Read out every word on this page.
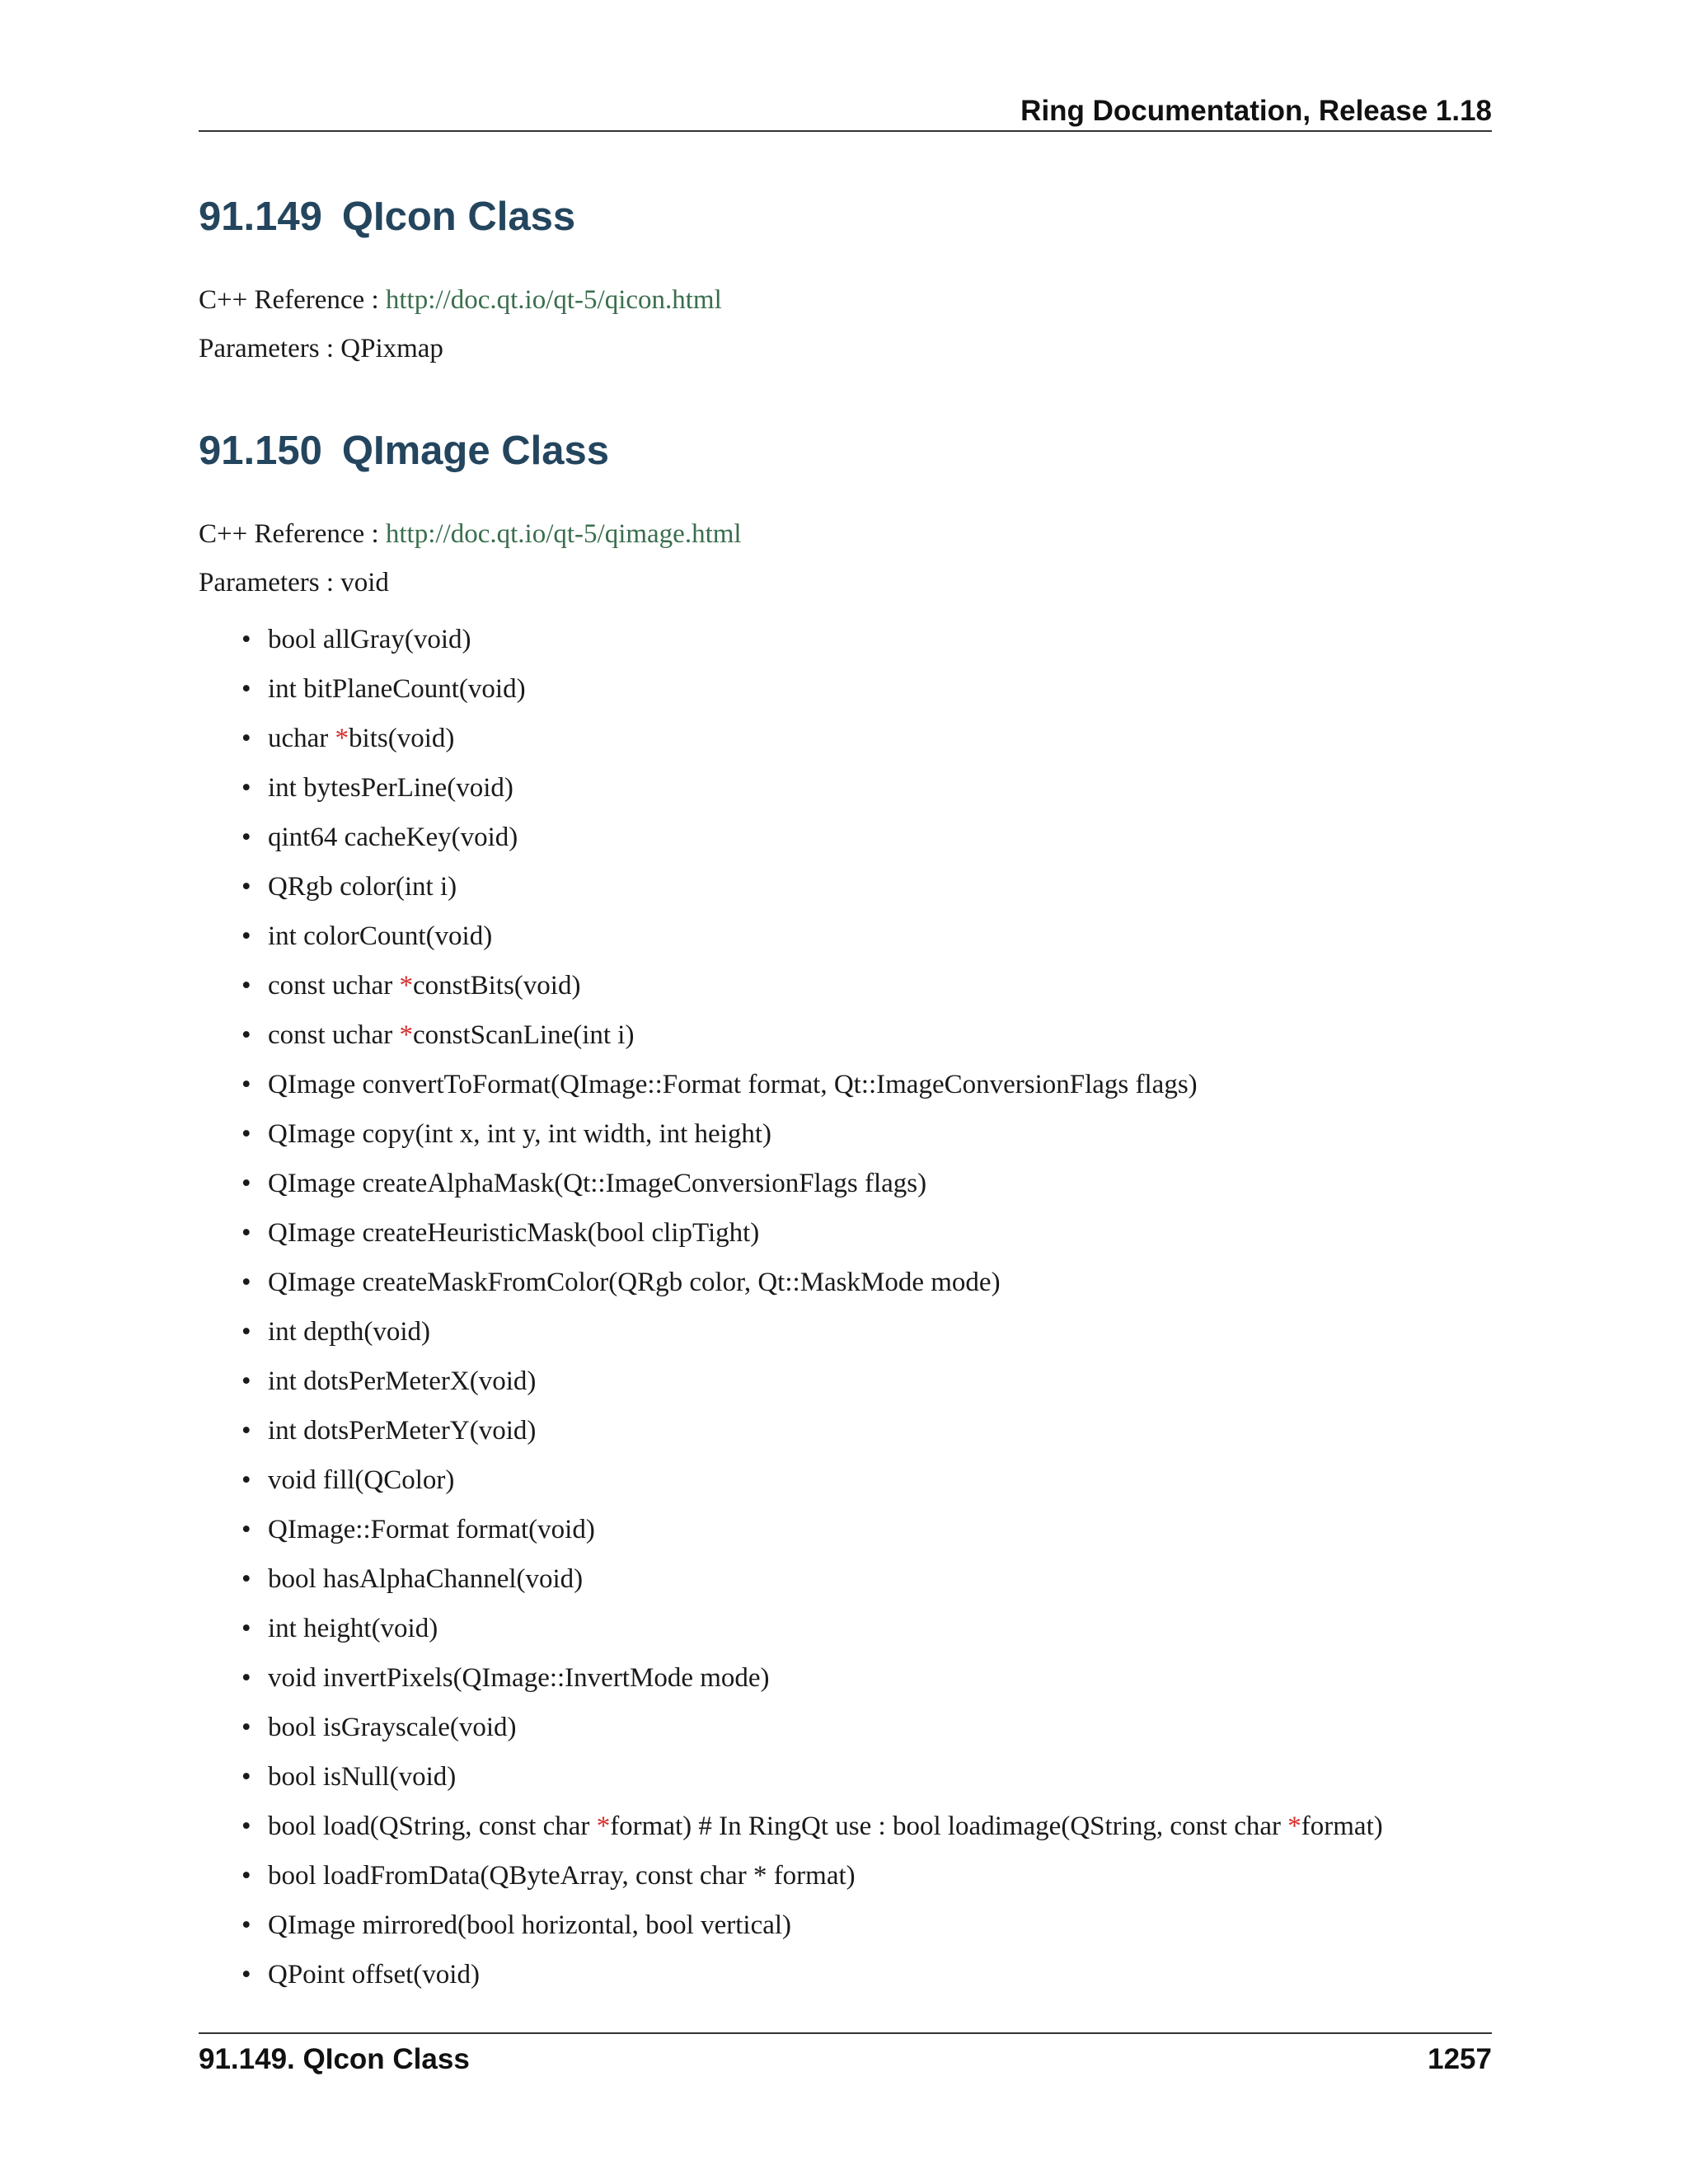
Ring Documentation, Release 1.18
91.149 QIcon Class
C++ Reference : http://doc.qt.io/qt-5/qicon.html
Parameters : QPixmap
91.150 QImage Class
C++ Reference : http://doc.qt.io/qt-5/qimage.html
Parameters : void
• bool allGray(void)
• int bitPlaneCount(void)
• uchar *bits(void)
• int bytesPerLine(void)
• qint64 cacheKey(void)
• QRgb color(int i)
• int colorCount(void)
• const uchar *constBits(void)
• const uchar *constScanLine(int i)
• QImage convertToFormat(QImage::Format format, Qt::ImageConversionFlags flags)
• QImage copy(int x, int y, int width, int height)
• QImage createAlphaMask(Qt::ImageConversionFlags flags)
• QImage createHeuristicMask(bool clipTight)
• QImage createMaskFromColor(QRgb color, Qt::MaskMode mode)
• int depth(void)
• int dotsPerMeterX(void)
• int dotsPerMeterY(void)
• void fill(QColor)
• QImage::Format format(void)
• bool hasAlphaChannel(void)
• int height(void)
• void invertPixels(QImage::InvertMode mode)
• bool isGrayscale(void)
• bool isNull(void)
• bool load(QString, const char *format) # In RingQt use : bool loadimage(QString, const char *format)
• bool loadFromData(QByteArray, const char * format)
• QImage mirrored(bool horizontal, bool vertical)
• QPoint offset(void)
91.149. QIcon Class	1257
